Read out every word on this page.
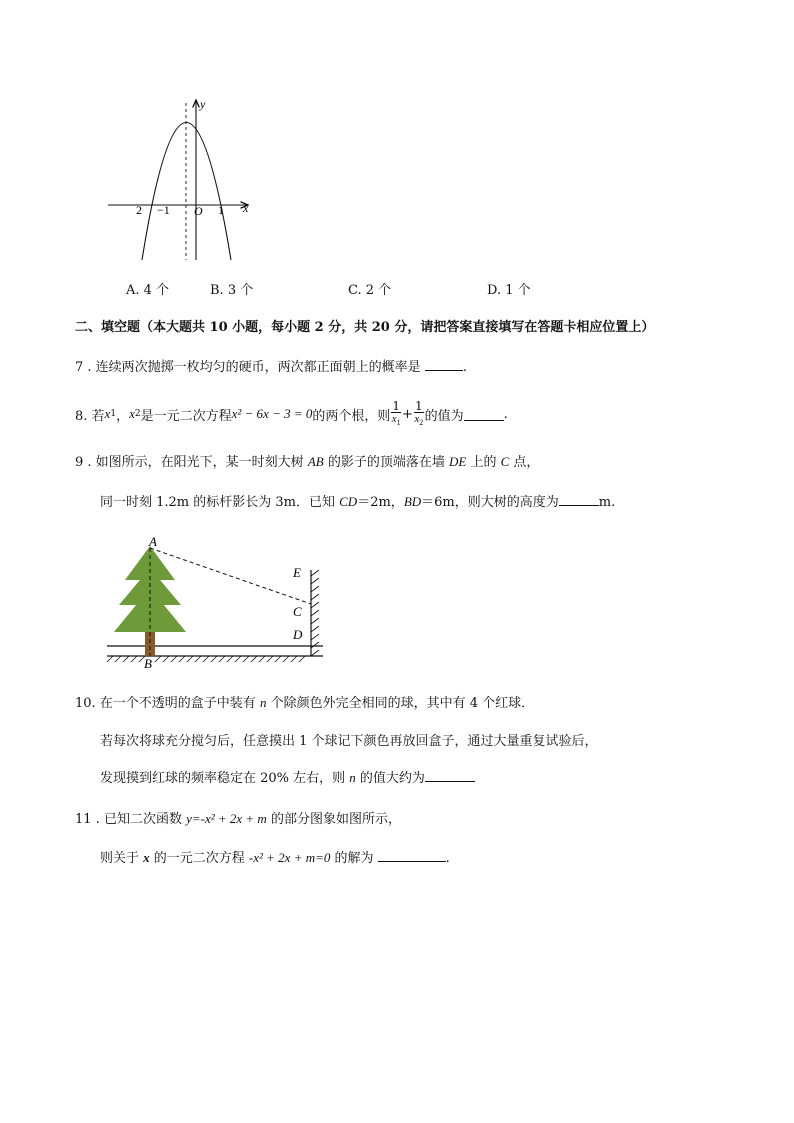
y
x
O
2 −1	1
A. 4 个	B. 3 个	C. 2 个	D. 1 个
二、填空题（本大题共 10 小题，每小题 2 分，共 20 分，请把答案直接填写在答题卡相应位置上）
7 . 连续两次抛掷一枚均匀的硬币，两次都正面朝上的概率是	.
8. 若 x 1 ， x 2 是一元二次方程 x² − 6x − 3 = 0 的两个根，则 $\frac{1}{x_1} + \frac{1}{x_2}$ 的值为	.
9 . 如图所示，在阳光下，某一时刻大树 AB 的影子的顶端落在墙 DE 上的 C 点，
同一时刻 1.2m 的标杆影长为 3m．已知 CD＝2m，BD＝6m，则大树的高度为	m.
A
B
C
D
E
10. 在一个不透明的盒子中装有 n 个除颜色外完全相同的球，其中有 4 个红球．
若每次将球充分搅匀后，任意摸出 1 个球记下颜色再放回盒子，通过大量重复试验后，
发现摸到红球的频率稳定在 20% 左右，则 n 的值大约为
11 . 已知二次函数 y=-x² + 2x + m 的部分图象如图所示，
则关于 x 的一元二次方程 -x² + 2x + m=0 的解为	.
